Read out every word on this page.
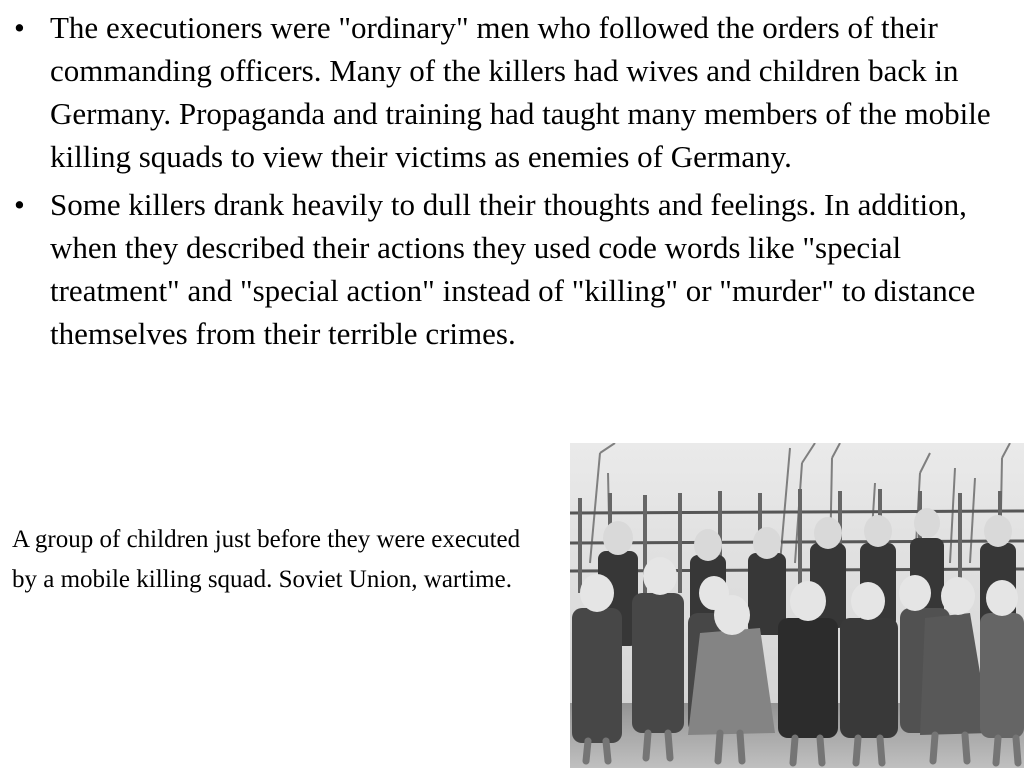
• The executioners were "ordinary" men who followed the orders of their commanding officers. Many of the killers had wives and children back in Germany. Propaganda and training had taught many members of the mobile killing squads to view their victims as enemies of Germany.
• Some killers drank heavily to dull their thoughts and feelings. In addition, when they described their actions they used code words like "special treatment" and "special action" instead of "killing" or "murder" to distance themselves from their terrible crimes.

A group of children just before they were executed by a mobile killing squad. Soviet Union, wartime.
